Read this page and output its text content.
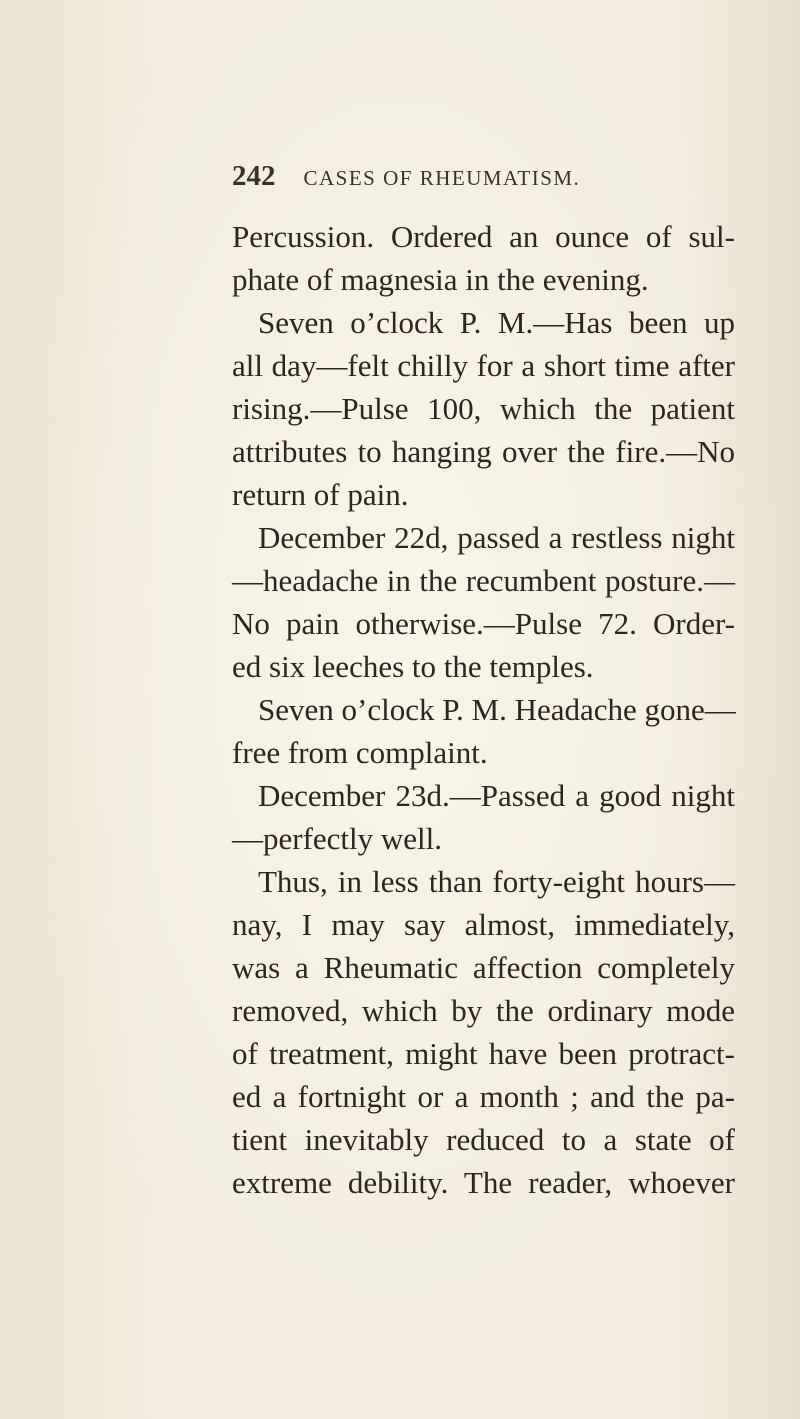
242 CASES OF RHEUMATISM.
Percussion. Ordered an ounce of sul-
phate of magnesia in the evening.
Seven o’clock P. M.—Has been up
all day—felt chilly for a short time after
rising.—Pulse 100, which the patient
attributes to hanging over the fire.—No
return of pain.
December 22d, passed a restless night
—headache in the recumbent posture.—
No pain otherwise.—Pulse 72. Order-
ed six leeches to the temples.
Seven o’clock P. M. Headache gone—
free from complaint.
December 23d.—Passed a good night
—perfectly well.
Thus, in less than forty-eight hours—
nay, I may say almost, immediately,
was a Rheumatic affection completely
removed, which by the ordinary mode
of treatment, might have been protract-
ed a fortnight or a month ; and the pa-
tient inevitably reduced to a state of
extreme debility. The reader, whoever
